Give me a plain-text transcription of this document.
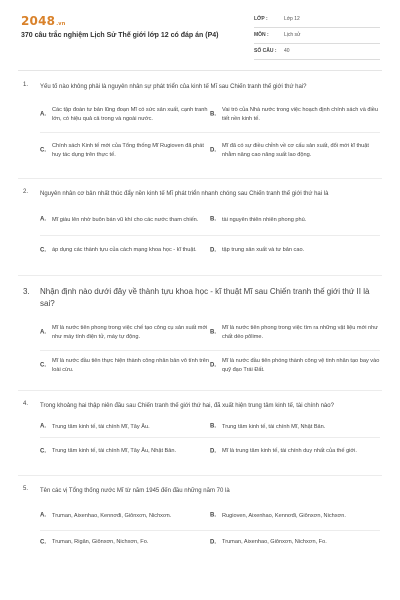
2048.vn
370 câu trắc nghiệm Lịch Sử Thế giới lớp 12 có đáp án (P4)
LỚP :	Lớp 12
MÔN :	Lịch sử
SỐ CÂU : 40
1. Yếu tố nào không phải là nguyên nhân sự phát triển của kinh tế Mĩ sau Chiến tranh thế giới thứ hai?
A.
Các tập đoàn tư bản lũng đoạn Mĩ có sức sản xuất, cạnh tranh lớn, có hiệu quả cả trong và ngoài nước.
B.
Vai trò của Nhà nước trong việc hoạch định chính sách và điều tiết nền kinh tế.
C.
Chính sách Kinh tế mới của Tổng thống Mĩ Rugioven đã phát huy tác dụng trên thực tế.
D.
Mĩ đã có sự điều chỉnh về cơ cấu sản xuất, đổi mới kĩ thuật nhằm nâng cao năng suất lao động.
2. Nguyên nhân cơ bản nhất thúc đẩy nền kinh tế Mĩ phát triển nhanh chóng sau Chiến tranh thế giới thứ hai là
A. Mĩ giàu lên nhờ buôn bán vũ khí cho các nước tham chiến. B. tài nguyên thiên nhiên phong phú.
C. áp dụng các thành tựu của cách mạng khoa học - kĩ thuật. D. tập trung sản xuất và tư bản cao.
3. Nhận định nào dưới đây về thành tựu khoa học - kĩ thuật Mĩ sau Chiến tranh thế giới thứ II là sai?
A.
Mĩ là nước tiên phong trong việc chế tạo công cụ sản xuất mới như máy tính điện tử, máy tự động.
B.
Mĩ là nước tiên phong trong việc tìm ra những vật liệu mới như chất dẻo pôlime.
C.
Mĩ là nước đầu tiên thực hiện thành công nhân bản vô tính trên loài cừu.
D.
Mĩ là nước đầu tiên phóng thành công vệ tinh nhân tạo bay vào quỹ đạo Trái Đất.
4. Trong khoảng hai thập niên đầu sau Chiến tranh thế giới thứ hai, đã xuất hiện trung tâm kinh tế, tài chính nào?
A. Trung tâm kinh tế, tài chính Mĩ, Tây Âu.	B. Trung tâm kinh tế, tài chính Mĩ, Nhật Bản.
C. Trung tâm kinh tế, tài chính Mĩ, Tây Âu, Nhật Bản.	D. Mĩ là trung tâm kinh tế, tài chính duy nhất của thế giới.
5. Tên các vị Tổng thống nước Mĩ từ năm 1945 đến đầu những năm 70 là
A. Truman, Aixenhao, Kennơđi, Giônxơn, Nichxơn.	B. Rugioven, Aixenhao, Kennơđi, Giônxơn, Nichxơn.
C. Truman, Rigân, Giônxơn, Nichxơn, Fo.	D. Truman, Aixenhao, Giônxơn, Nichxơn, Fo.
